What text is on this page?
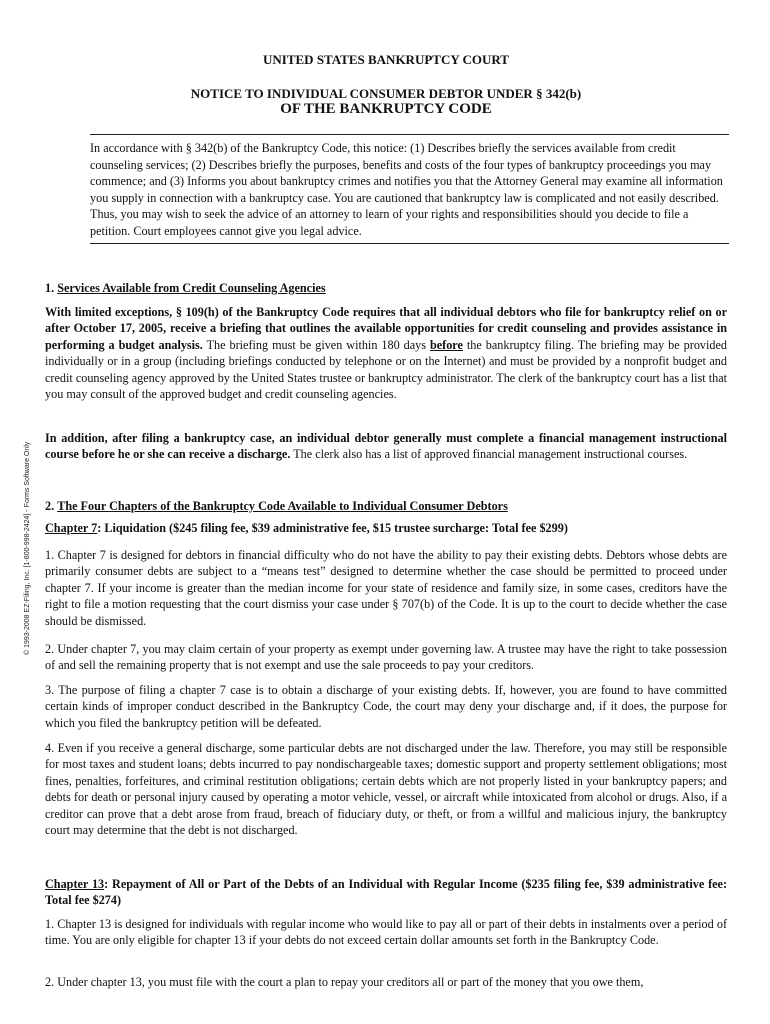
© 1993-2008 EZ-Filing, Inc. [1-800-998-2424] - Forms Software Only
UNITED STATES BANKRUPTCY COURT
NOTICE TO INDIVIDUAL CONSUMER DEBTOR UNDER § 342(b)
OF THE BANKRUPTCY CODE
In accordance with § 342(b) of the Bankruptcy Code, this notice: (1) Describes briefly the services available from credit counseling services; (2) Describes briefly the purposes, benefits and costs of the four types of bankruptcy proceedings you may commence; and (3) Informs you about bankruptcy crimes and notifies you that the Attorney General may examine all information you supply in connection with a bankruptcy case. You are cautioned that bankruptcy law is complicated and not easily described. Thus, you may wish to seek the advice of an attorney to learn of your rights and responsibilities should you decide to file a petition. Court employees cannot give you legal advice.
1. Services Available from Credit Counseling Agencies
With limited exceptions, § 109(h) of the Bankruptcy Code requires that all individual debtors who file for bankruptcy relief on or after October 17, 2005, receive a briefing that outlines the available opportunities for credit counseling and provides assistance in performing a budget analysis. The briefing must be given within 180 days before the bankruptcy filing. The briefing may be provided individually or in a group (including briefings conducted by telephone or on the Internet) and must be provided by a nonprofit budget and credit counseling agency approved by the United States trustee or bankruptcy administrator. The clerk of the bankruptcy court has a list that you may consult of the approved budget and credit counseling agencies.
In addition, after filing a bankruptcy case, an individual debtor generally must complete a financial management instructional course before he or she can receive a discharge. The clerk also has a list of approved financial management instructional courses.
2. The Four Chapters of the Bankruptcy Code Available to Individual Consumer Debtors
Chapter 7: Liquidation ($245 filing fee, $39 administrative fee, $15 trustee surcharge: Total fee $299)
1. Chapter 7 is designed for debtors in financial difficulty who do not have the ability to pay their existing debts. Debtors whose debts are primarily consumer debts are subject to a “means test” designed to determine whether the case should be permitted to proceed under chapter 7. If your income is greater than the median income for your state of residence and family size, in some cases, creditors have the right to file a motion requesting that the court dismiss your case under § 707(b) of the Code. It is up to the court to decide whether the case should be dismissed.
2. Under chapter 7, you may claim certain of your property as exempt under governing law. A trustee may have the right to take possession of and sell the remaining property that is not exempt and use the sale proceeds to pay your creditors.
3. The purpose of filing a chapter 7 case is to obtain a discharge of your existing debts. If, however, you are found to have committed certain kinds of improper conduct described in the Bankruptcy Code, the court may deny your discharge and, if it does, the purpose for which you filed the bankruptcy petition will be defeated.
4. Even if you receive a general discharge, some particular debts are not discharged under the law. Therefore, you may still be responsible for most taxes and student loans; debts incurred to pay nondischargeable taxes; domestic support and property settlement obligations; most fines, penalties, forfeitures, and criminal restitution obligations; certain debts which are not properly listed in your bankruptcy papers; and debts for death or personal injury caused by operating a motor vehicle, vessel, or aircraft while intoxicated from alcohol or drugs. Also, if a creditor can prove that a debt arose from fraud, breach of fiduciary duty, or theft, or from a willful and malicious injury, the bankruptcy court may determine that the debt is not discharged.
Chapter 13: Repayment of All or Part of the Debts of an Individual with Regular Income ($235 filing fee, $39 administrative fee: Total fee $274)
1. Chapter 13 is designed for individuals with regular income who would like to pay all or part of their debts in instalments over a period of time. You are only eligible for chapter 13 if your debts do not exceed certain dollar amounts set forth in the Bankruptcy Code.
2. Under chapter 13, you must file with the court a plan to repay your creditors all or part of the money that you owe them,
